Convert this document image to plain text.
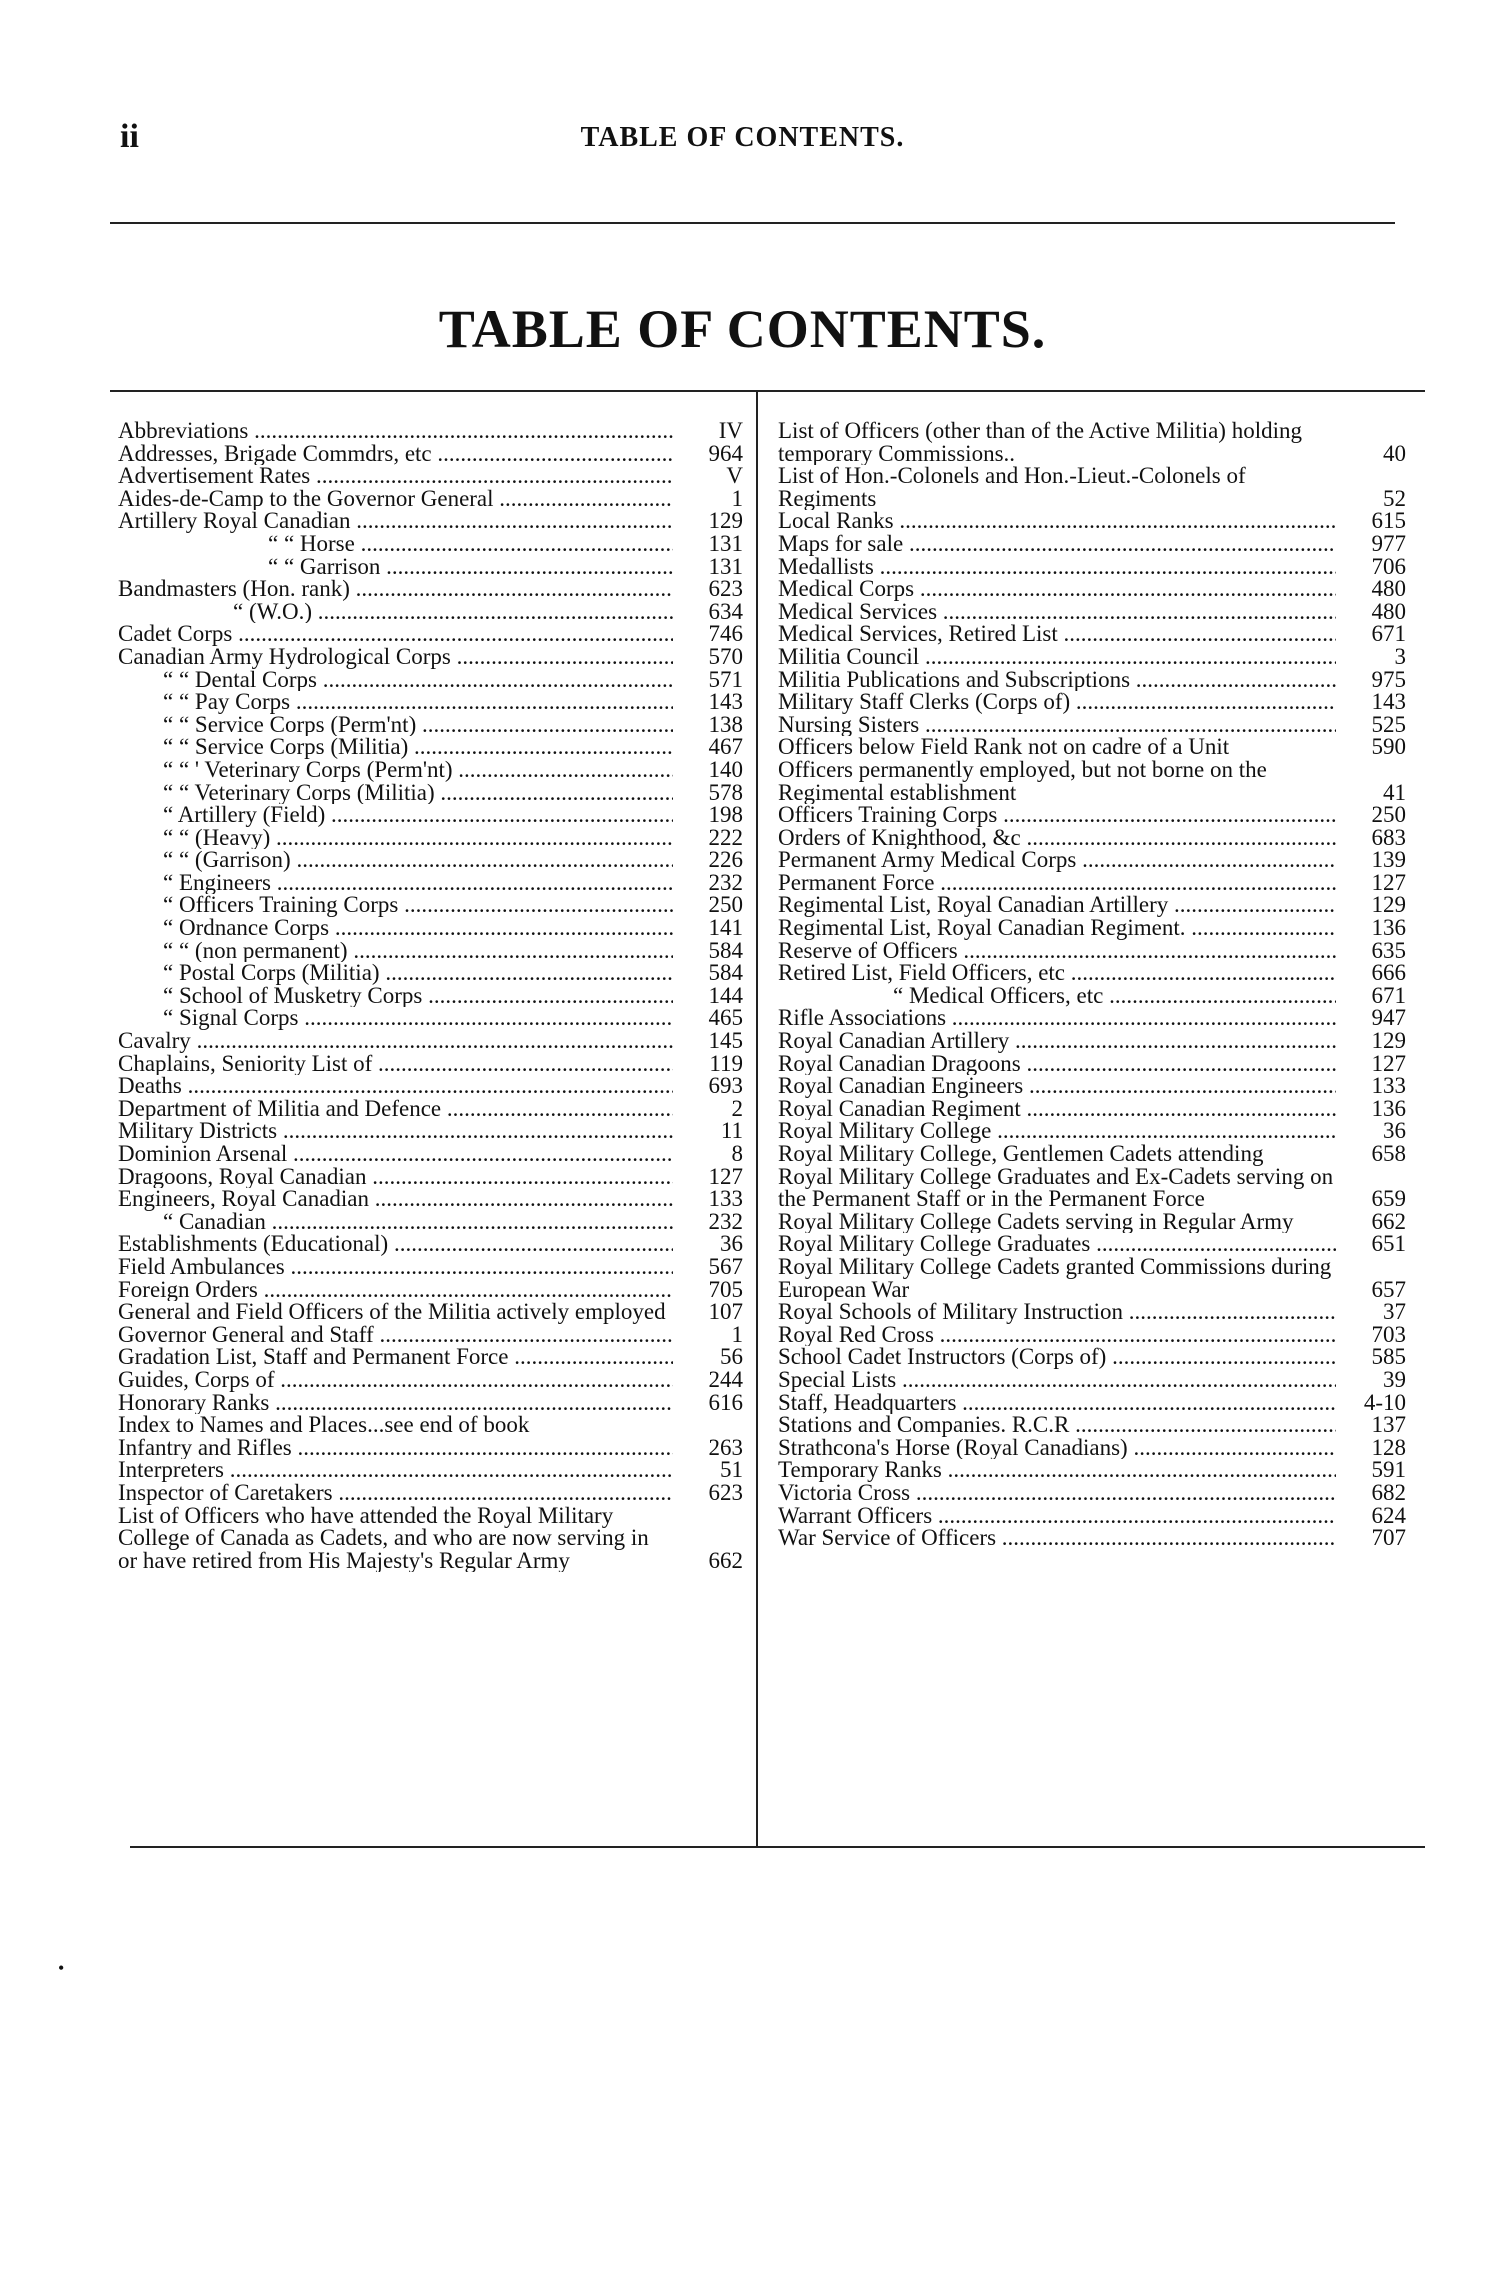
ii	TABLE OF CONTENTS.
TABLE OF CONTENTS.
Abbreviations .....	IV
Addresses, Brigade Commdrs, etc .....	964
Advertisement Rates .....	V
Aides-de-Camp to the Governor General .....	1
Artillery Royal Canadian .....	129
“ “ Horse .....	131
“ “ Garrison .....	131
Bandmasters (Hon. rank) .....	623
“ (W.O.) .....	634
Cadet Corps .....	746
Canadian Army Hydrological Corps .....	570
“ “ Dental Corps .....	571
“ “ Pay Corps .....	143
“ “ Service Corps (Perm'nt) .....	138
“ “ Service Corps (Militia) .....	467
“ “ ' Veterinary Corps (Perm'nt) .....	140
“ “ Veterinary Corps (Militia) .....	578
“ Artillery (Field) .....	198
“ “ (Heavy) .....	222
“ “ (Garrison) .....	226
“ Engineers .....	232
“ Officers Training Corps .....	250
“ Ordnance Corps .....	141
“ “ (non permanent) .....	584
“ Postal Corps (Militia) .....	584
“ School of Musketry Corps .....	144
“ Signal Corps .....	465
Cavalry .....	145
Chaplains, Seniority List of .....	119
Deaths .....	693
Department of Militia and Defence .....	2
Military Districts .....	11
Dominion Arsenal .....	8
Dragoons, Royal Canadian .....	127
Engineers, Royal Canadian .....	133
“ Canadian .....	232
Establishments (Educational) .....	36
Field Ambulances .....	567
Foreign Orders .....	705
General and Field Officers of the Militia actively employed	107
Governor General and Staff .....	1
Gradation List, Staff and Permanent Force .....	56
Guides, Corps of .....	244
Honorary Ranks .....	616
Index to Names and Places...see end of book
Infantry and Rifles .....	263
Interpreters .....	51
Inspector of Caretakers .....	623
List of Officers who have attended the Royal Military College of Canada as Cadets, and who are now serving in or have retired from His Majesty's Regular Army	662
List of Officers (other than of the Active Militia) holding temporary Commissions..	40
List of Hon.-Colonels and Hon.-Lieut.-Colonels of Regiments	52
Local Ranks .....	615
Maps for sale .....	977
Medallists .....	706
Medical Corps .....	480
Medical Services .....	480
Medical Services, Retired List .....	671
Militia Council .....	3
Militia Publications and Subscriptions .....	975
Military Staff Clerks (Corps of) .....	143
Nursing Sisters .....	525
Officers below Field Rank not on cadre of a Unit	590
Officers permanently employed, but not borne on the Regimental establishment	41
Officers Training Corps .....	250
Orders of Knighthood, &c .....	683
Permanent Army Medical Corps .....	139
Permanent Force .....	127
Regimental List, Royal Canadian Artillery .....	129
Regimental List, Royal Canadian Regiment. .....	136
Reserve of Officers .....	635
Retired List, Field Officers, etc .....	666
“ Medical Officers, etc .....	671
Rifle Associations .....	947
Royal Canadian Artillery .....	129
Royal Canadian Dragoons .....	127
Royal Canadian Engineers .....	133
Royal Canadian Regiment .....	136
Royal Military College .....	36
Royal Military College, Gentlemen Cadets attending	658
Royal Military College Graduates and Ex-Cadets serving on the Permanent Staff or in the Permanent Force	659
Royal Military College Cadets serving in Regular Army	662
Royal Military College Graduates .....	651
Royal Military College Cadets granted Commissions during European War	657
Royal Schools of Military Instruction .....	37
Royal Red Cross .....	703
School Cadet Instructors (Corps of) .....	585
Special Lists .....	39
Staff, Headquarters .....	4-10
Stations and Companies. R.C.R .....	137
Strathcona's Horse (Royal Canadians) .....	128
Temporary Ranks .....	591
Victoria Cross .....	682
Warrant Officers .....	624
War Service of Officers .....	707
•
